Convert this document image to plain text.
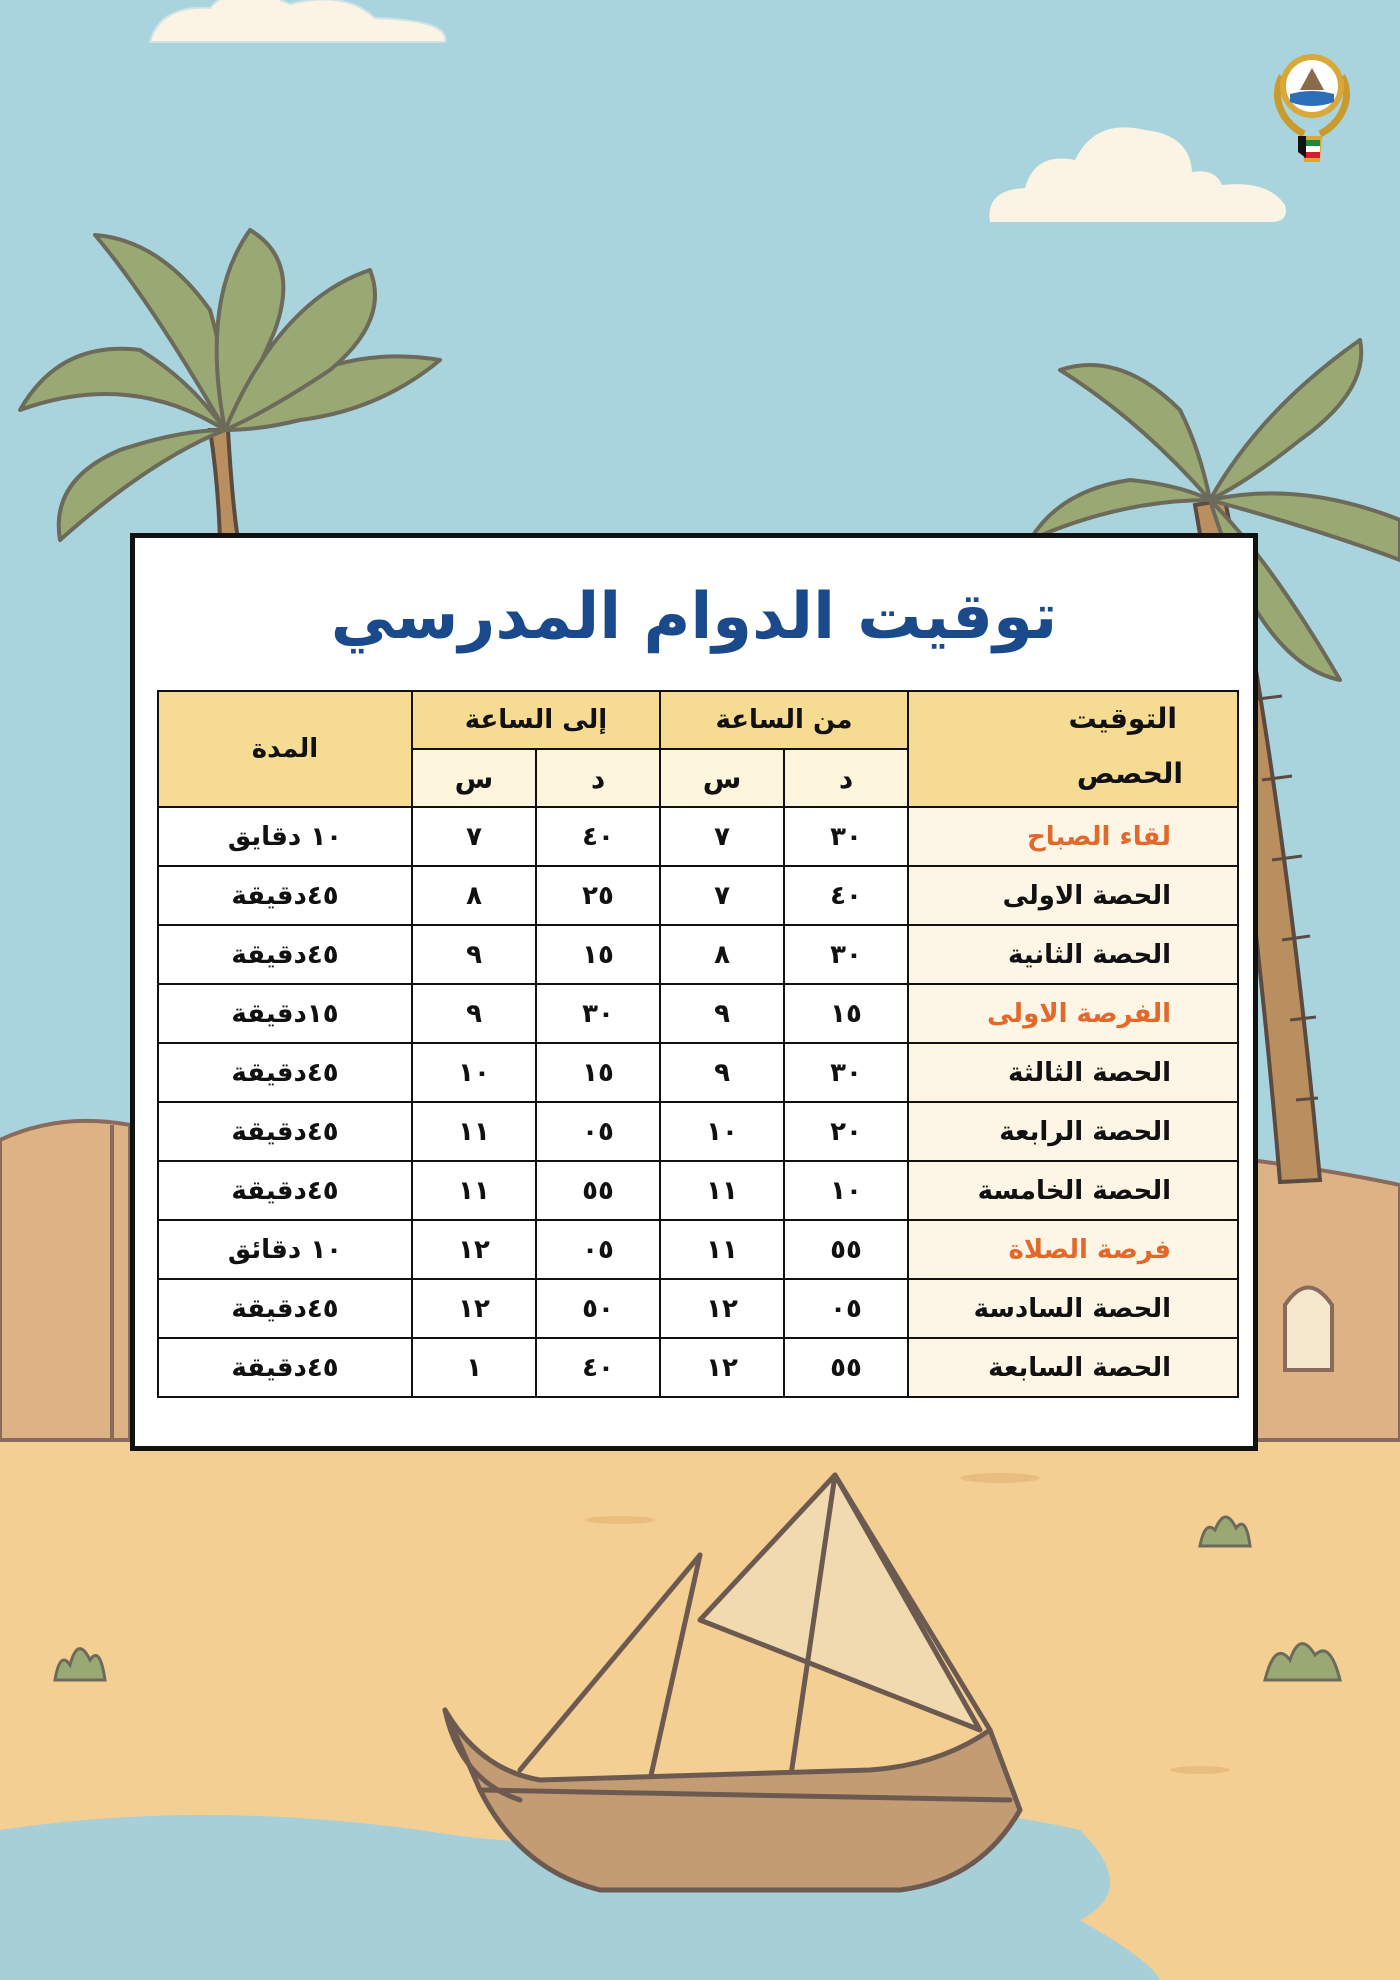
توقيت الدوام المدرسي
التوقيت
الحصص	من الساعة		إلى الساعة		المدة
	د	س	د	س	
لقاء الصباح	٣٠	٧	٤٠	٧	١٠ دقايق
الحصة الاولى	٤٠	٧	٢٥	٨	٤٥دقيقة
الحصة الثانية	٣٠	٨	١٥	٩	٤٥دقيقة
الفرصة الاولى	١٥	٩	٣٠	٩	١٥دقيقة
الحصة الثالثة	٣٠	٩	١٥	١٠	٤٥دقيقة
الحصة الرابعة	٢٠	١٠	٠٥	١١	٤٥دقيقة
الحصة الخامسة	١٠	١١	٥٥	١١	٤٥دقيقة
فرصة الصلاة	٥٥	١١	٠٥	١٢	١٠ دقائق
الحصة السادسة	٠٥	١٢	٥٠	١٢	٤٥دقيقة
الحصة السابعة	٥٥	١٢	٤٠	١	٤٥دقيقة
